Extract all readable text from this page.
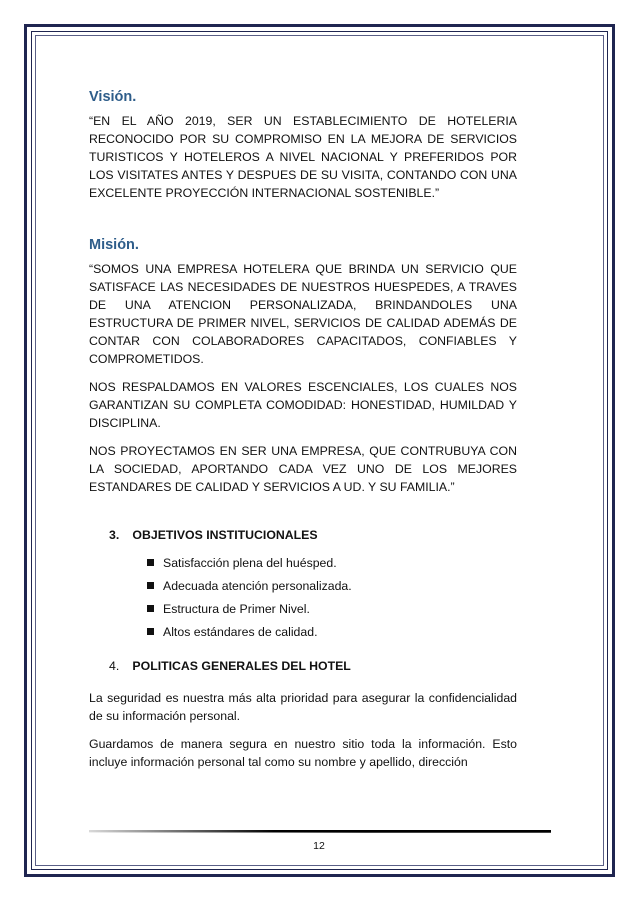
Visión.

“EN EL AÑO 2019, SER UN ESTABLECIMIENTO DE HOTELERIA RECONOCIDO POR SU COMPROMISO EN LA MEJORA DE SERVICIOS TURISTICOS Y HOTELEROS A NIVEL NACIONAL Y PREFERIDOS POR LOS VISITATES ANTES Y DESPUES DE SU VISITA, CONTANDO CON UNA EXCELENTE PROYECCIÓN INTERNACIONAL SOSTENIBLE.”

Misión.

“SOMOS UNA EMPRESA HOTELERA QUE BRINDA UN SERVICIO QUE SATISFACE LAS NECESIDADES DE NUESTROS HUESPEDES, A TRAVES DE UNA ATENCION PERSONALIZADA, BRINDANDOLES UNA ESTRUCTURA DE PRIMER NIVEL, SERVICIOS DE CALIDAD ADEMÁS DE CONTAR CON COLABORADORES CAPACITADOS, CONFIABLES Y COMPROMETIDOS.

NOS RESPALDAMOS EN VALORES ESCENCIALES, LOS CUALES NOS GARANTIZAN SU COMPLETA COMODIDAD: HONESTIDAD, HUMILDAD Y DISCIPLINA.

NOS PROYECTAMOS EN SER UNA EMPRESA, QUE CONTRUBUYA CON LA SOCIEDAD, APORTANDO CADA VEZ UNO DE LOS MEJORES ESTANDARES DE CALIDAD Y SERVICIOS A UD. Y SU FAMILIA.”

3. OBJETIVOS INSTITUCIONALES
Satisfacción plena del huésped.
Adecuada atención personalizada.
Estructura de Primer Nivel.
Altos estándares de calidad.
4. POLITICAS GENERALES DEL HOTEL

La seguridad es nuestra más alta prioridad para asegurar la confidencialidad de su información personal.

Guardamos de manera segura en nuestro sitio toda la información. Esto incluye información personal tal como su nombre y apellido, dirección

12
